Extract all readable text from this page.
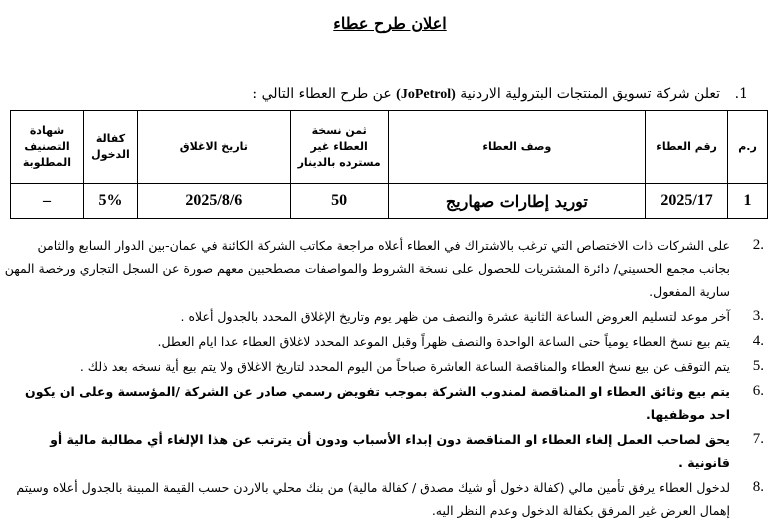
اعلان طرح عطاء
1.تعلن شركة تسويق المنتجات البترولية الاردنية (JoPetrol) عن طرح العطاء التالي :
ر.م	رقم العطاء	وصف العطاء	ثمن نسخة العطاء غير مسترده بالدينار	تاريخ الاغلاق	كفالة الدخول	شهادة التصنيف المطلوبة
1	2025/17	توريد إطارات صهاريج	50	2025/8/6	5%	–
2.
على الشركات ذات الاختصاص التي ترغب بالاشتراك في العطاء أعلاه مراجعة مكاتب الشركة الكائنة في عمان-بين الدوار السابع والثامن بجانب مجمع الحسيني/ دائرة المشتريات للحصول على نسخة الشروط والمواصفات مصطحبين معهم صورة عن السجل التجاري ورخصة المهن سارية المفعول.
3.
آخر موعد لتسليم العروض الساعة الثانية عشرة والنصف من ظهر يوم وتاريخ الإغلاق المحدد بالجدول أعلاه .
4.
يتم بيع نسخ العطاء يومياً حتى الساعة الواحدة والنصف ظهراً وقبل الموعد المحدد لاغلاق العطاء عدا ايام العطل.
5.
يتم التوقف عن بيع نسخ العطاء والمناقصة الساعة العاشرة صباحاً من اليوم المحدد لتاريخ الاغلاق ولا يتم بيع أية نسخه بعد ذلك .
6.
يتم بيع وثائق العطاء او المناقصة لمندوب الشركة بموجب تفويض رسمي صادر عن الشركة /المؤسسة وعلى ان يكون احد موظفيها.
7.
يحق لصاحب العمل إلغاء العطاء او المناقصة دون إبداء الأسباب ودون أن يترتب عن هذا الإلغاء أي مطالبة مالية أو قانونية .
8.
لدخول العطاء يرفق تأمين مالي (كفالة دخول أو شيك مصدق / كفالة مالية) من بنك محلي بالاردن حسب القيمة المبينة بالجدول أعلاه وسيتم إهمال العرض غير المرفق بكفالة الدخول وعدم النظر اليه.
